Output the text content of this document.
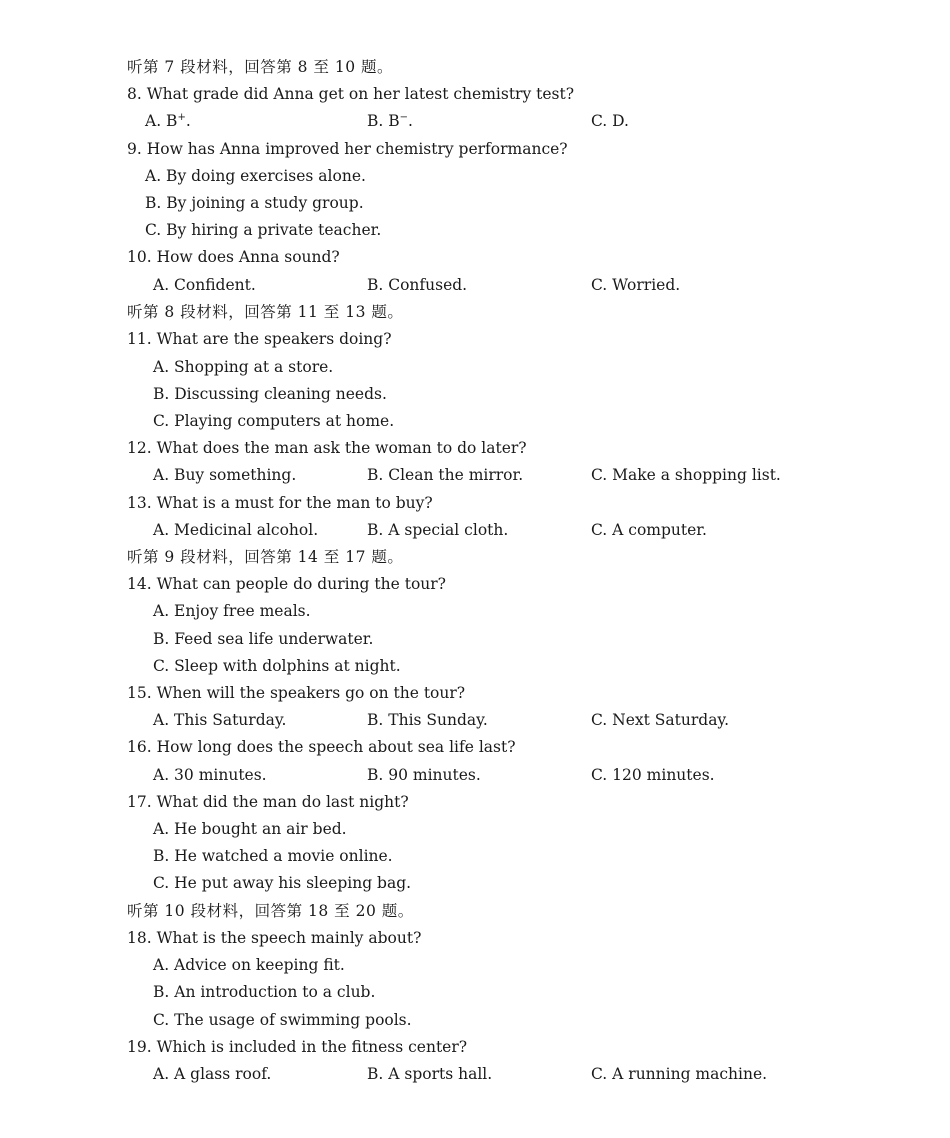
听第 7 段材料，回答第 8 至 10 题。
8. What grade did Anna get on her latest chemistry test?
A. B+.	B. B−.	C. D.
9. How has Anna improved her chemistry performance?
A. By doing exercises alone.
B. By joining a study group.
C. By hiring a private teacher.
10. How does Anna sound?
A. Confident.	B. Confused.	C. Worried.
听第 8 段材料，回答第 11 至 13 题。
11. What are the speakers doing?
A. Shopping at a store.
B. Discussing cleaning needs.
C. Playing computers at home.
12. What does the man ask the woman to do later?
A. Buy something.	B. Clean the mirror.	C. Make a shopping list.
13. What is a must for the man to buy?
A. Medicinal alcohol.	B. A special cloth.	C. A computer.
听第 9 段材料，回答第 14 至 17 题。
14. What can people do during the tour?
A. Enjoy free meals.
B. Feed sea life underwater.
C. Sleep with dolphins at night.
15. When will the speakers go on the tour?
A. This Saturday.	B. This Sunday.	C. Next Saturday.
16. How long does the speech about sea life last?
A. 30 minutes.	B. 90 minutes.	C. 120 minutes.
17. What did the man do last night?
A. He bought an air bed.
B. He watched a movie online.
C. He put away his sleeping bag.
听第 10 段材料，回答第 18 至 20 题。
18. What is the speech mainly about?
A. Advice on keeping fit.
B. An introduction to a club.
C. The usage of swimming pools.
19. Which is included in the fitness center?
A. A glass roof.	B. A sports hall.	C. A running machine.
